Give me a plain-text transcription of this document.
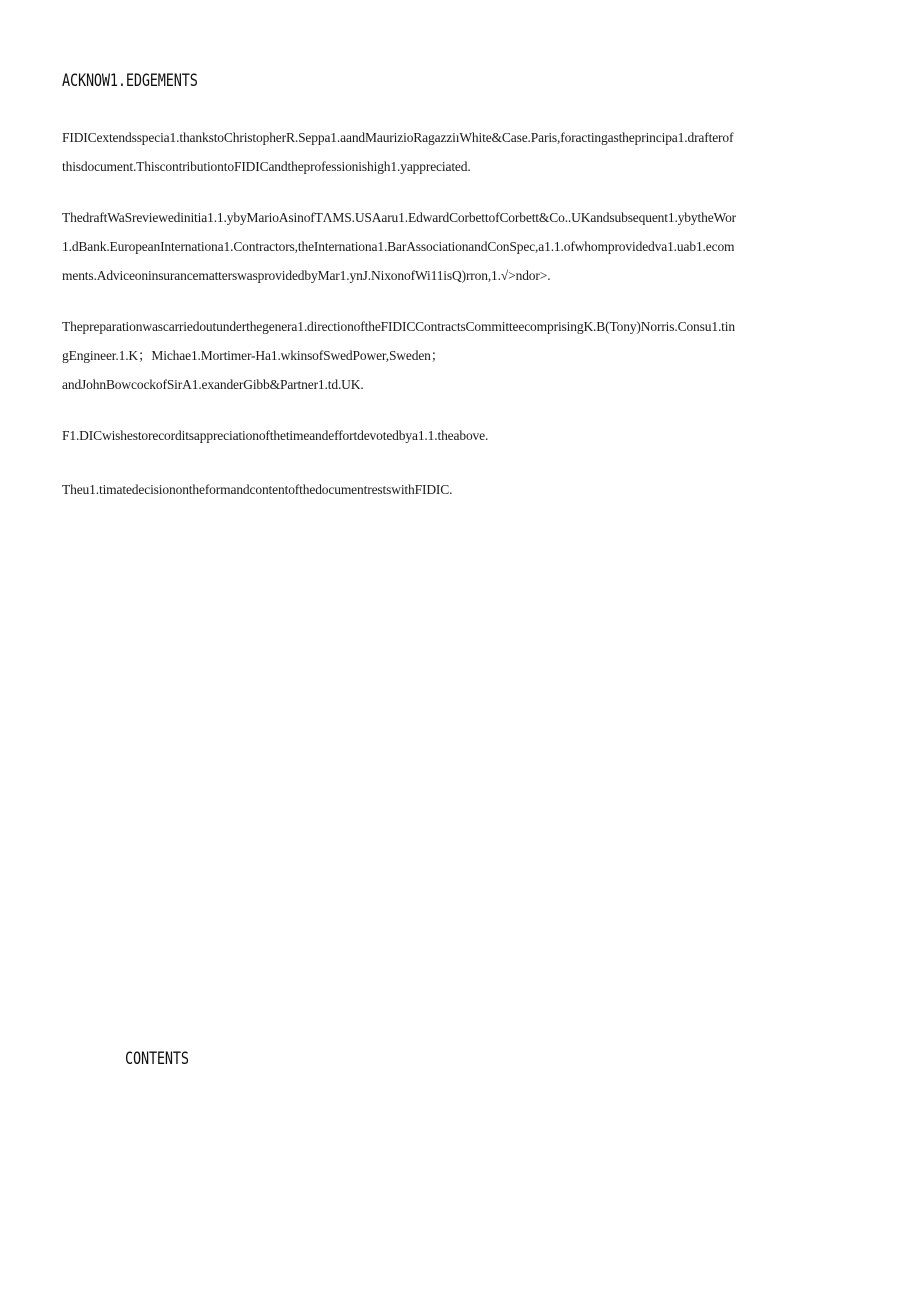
ACKNOW1.EDGEMENTS
FIDICextendsspecia1.thankstoChristopherR.Seppa1.aandMaurizioRagazziıWhite&Case.Paris,foractingastheprincipa1.drafterof
thisdocument.ThiscontributiontoFIDICandtheprofessionishigh1.yappreciated.
ThedraftWaSreviewedinitia1.1.ybyMarioAsinofTΛMS.USAaru1.EdwardCorbettofCorbett&Co..UKandsubsequent1.ybytheWor
1.dBank.EuropeanInternationa1.Contractors,theInternationa1.BarAssociationandConSpec,a1.1.ofwhomprovidedva1.uab1.ecom
ments.AdviceoninsurancematterswasprovidedbyMar1.ynJ.NixonofWi11isQ)rron,1.√>ndor>.
Thepreparationwascarriedoutunderthegenera1.directionoftheFIDICContractsCommitteecomprisingK.B(Tony)Norris.Consu1.tin
gEngineer.1.K；Michae1.Mortimer-Ha1.wkinsofSwedPower,Sweden；
andJohnBowcockofSirA1.exanderGibb&Partner1.td.UK.
F1.DICwishestorecorditsappreciationofthetimeandeffortdevotedbya1.1.theabove.
Theu1.timatedecisionontheformandcontentofthedocumentrestswithFIDIC.
CONTENTS
